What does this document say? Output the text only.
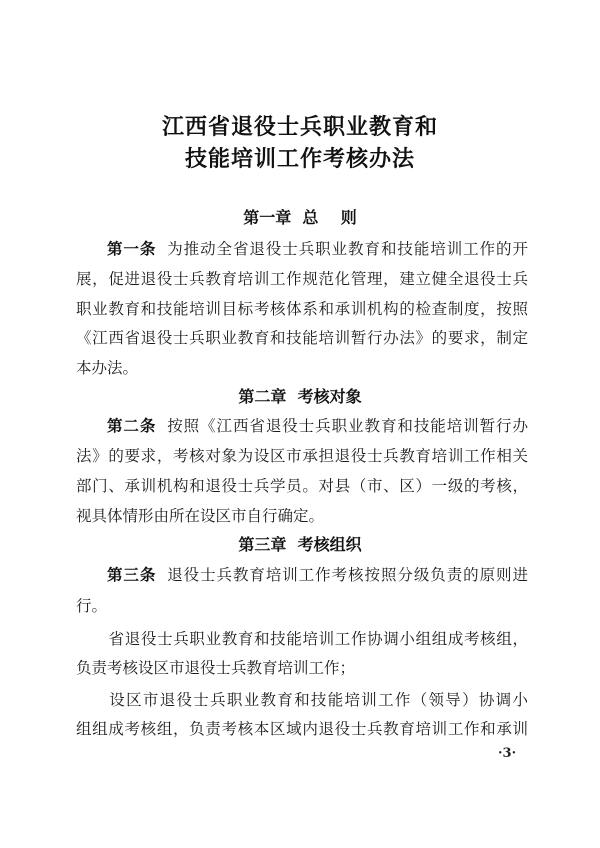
江西省退役士兵职业教育和
技能培训工作考核办法
第一章  总    则
第一条 为推动全省退役士兵职业教育和技能培训工作的开
展，促进退役士兵教育培训工作规范化管理，建立健全退役士兵
职业教育和技能培训目标考核体系和承训机构的检查制度，按照
《江西省退役士兵职业教育和技能培训暂行办法》的要求，制定
本办法。
第二章  考核对象
第二条 按照《江西省退役士兵职业教育和技能培训暂行办
法》的要求，考核对象为设区市承担退役士兵教育培训工作相关
部门、承训机构和退役士兵学员。对县（市、区）一级的考核，
视具体情形由所在设区市自行确定。
第三章  考核组织
第三条 退役士兵教育培训工作考核按照分级负责的原则进
行。
省退役士兵职业教育和技能培训工作协调小组组成考核组，
负责考核设区市退役士兵教育培训工作；
设区市退役士兵职业教育和技能培训工作（领导）协调小
组组成考核组，负责考核本区域内退役士兵教育培训工作和承训
·3·
